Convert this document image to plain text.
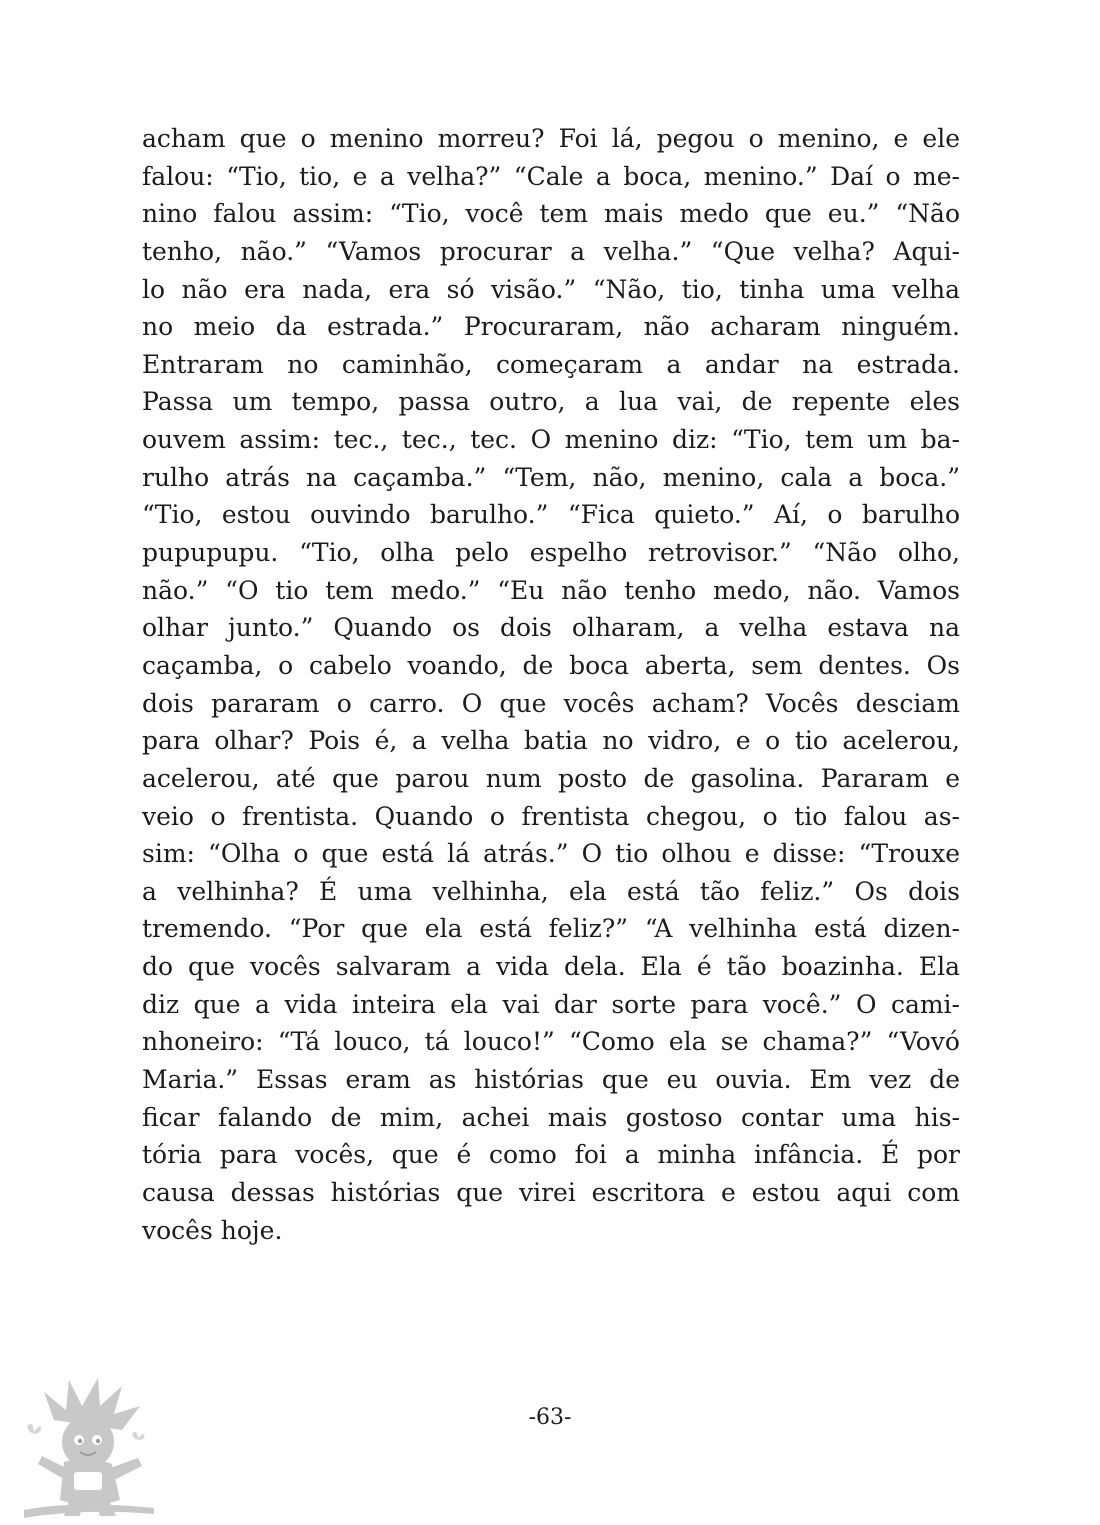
acham que o menino morreu? Foi lá, pegou o menino, e ele
falou: “Tio, tio, e a velha?” “Cale a boca, menino.” Daí o me-
nino falou assim: “Tio, você tem mais medo que eu.” “Não
tenho, não.” “Vamos procurar a velha.” “Que velha? Aqui-
lo não era nada, era só visão.” “Não, tio, tinha uma velha
no meio da estrada.” Procuraram, não acharam ninguém.
Entraram no caminhão, começaram a andar na estrada.
Passa um tempo, passa outro, a lua vai, de repente eles
ouvem assim: tec., tec., tec. O menino diz: “Tio, tem um ba-
rulho atrás na caçamba.” “Tem, não, menino, cala a boca.”
“Tio, estou ouvindo barulho.” “Fica quieto.” Aí, o barulho
pupupupu. “Tio, olha pelo espelho retrovisor.” “Não olho,
não.” “O tio tem medo.” “Eu não tenho medo, não. Vamos
olhar junto.” Quando os dois olharam, a velha estava na
caçamba, o cabelo voando, de boca aberta, sem dentes. Os
dois pararam o carro. O que vocês acham? Vocês desciam
para olhar? Pois é, a velha batia no vidro, e o tio acelerou,
acelerou, até que parou num posto de gasolina. Pararam e
veio o frentista. Quando o frentista chegou, o tio falou as-
sim: “Olha o que está lá atrás.” O tio olhou e disse: “Trouxe
a velhinha? É uma velhinha, ela está tão feliz.” Os dois
tremendo. “Por que ela está feliz?” “A velhinha está dizen-
do que vocês salvaram a vida dela. Ela é tão boazinha. Ela
diz que a vida inteira ela vai dar sorte para você.” O cami-
nhoneiro: “Tá louco, tá louco!” “Como ela se chama?” “Vovó
Maria.” Essas eram as histórias que eu ouvia. Em vez de
ficar falando de mim, achei mais gostoso contar uma his-
tória para vocês, que é como foi a minha infância. É por
causa dessas histórias que virei escritora e estou aqui com
vocês hoje.
-63-
